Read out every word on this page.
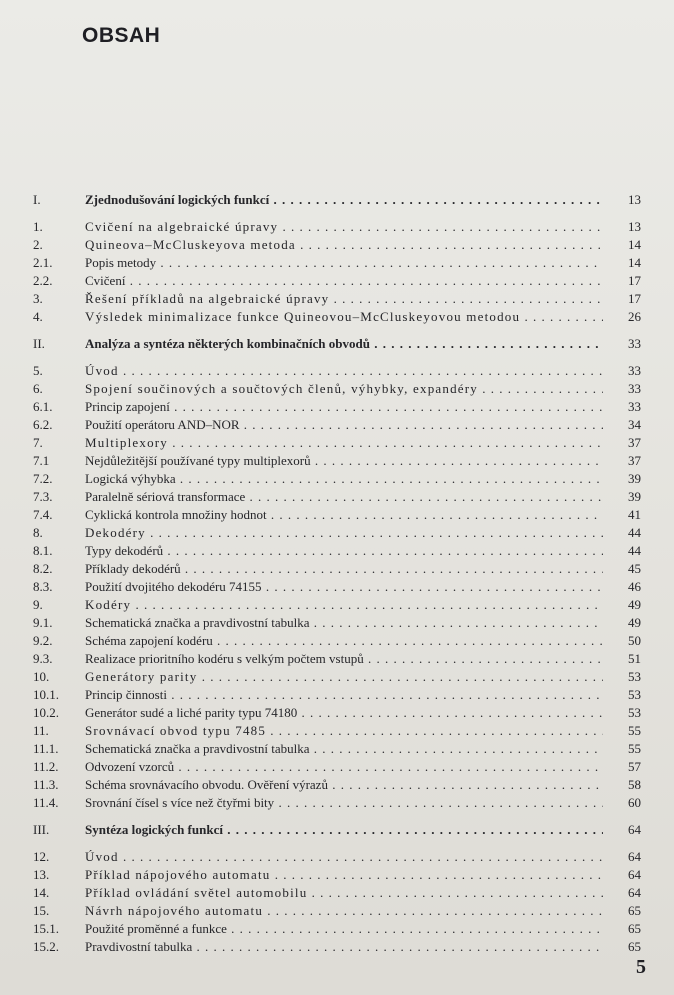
OBSAH
I.	Zjednodušování logických funkcí . . .	13
1.	Cvičení na algebraické úpravy . . .	13
2.	Quineova–McCluskeyova metoda . . .	14
2.1.	Popis metody . . .	14
2.2.	Cvičení . . .	17
3.	Řešení příkladů na algebraické úpravy . . .	17
4.	Výsledek minimalizace funkce Quineovou–McCluskeyovou metodou . . .	26
II.	Analýza a syntéza některých kombinačních obvodů . . .	33
5.	Úvod . . .	33
6.	Spojení součinových a součtových členů, výhybky, expandéry . . .	33
6.1.	Princip zapojení . . .	33
6.2.	Použití operátoru AND–NOR . . .	34
7.	Multiplexory . . .	37
7.1	Nejdůležitější používané typy multiplexorů . . .	37
7.2.	Logická výhybka . . .	39
7.3.	Paralelně sériová transformace . . .	39
7.4.	Cyklická kontrola množiny hodnot . . .	41
8.	Dekodéry . . .	44
8.1.	Typy dekodérů . . .	44
8.2.	Příklady dekodérů . . .	45
8.3.	Použití dvojitého dekodéru 74155 . . .	46
9.	Kodéry . . .	49
9.1.	Schematická značka a pravdivostní tabulka . . .	49
9.2.	Schéma zapojení kodéru . . .	50
9.3.	Realizace prioritního kodéru s velkým počtem vstupů . . .	51
10.	Generátory parity . . .	53
10.1.	Princip činnosti . . .	53
10.2.	Generátor sudé a liché parity typu 74180 . . .	53
11.	Srovnávací obvod typu 7485 . . .	55
11.1.	Schematická značka a pravdivostní tabulka . . .	55
11.2.	Odvození vzorců . . .	57
11.3.	Schéma srovnávacího obvodu. Ověření výrazů . . .	58
11.4.	Srovnání čísel s více než čtyřmi bity . . .	60
III.	Syntéza logických funkcí . . .	64
12.	Úvod . . .	64
13.	Příklad nápojového automatu . . .	64
14.	Příklad ovládání světel automobilu . . .	64
15.	Návrh nápojového automatu . . .	65
15.1.	Použité proměnné a funkce . . .	65
15.2.	Pravdivostní tabulka . . .	65
5
